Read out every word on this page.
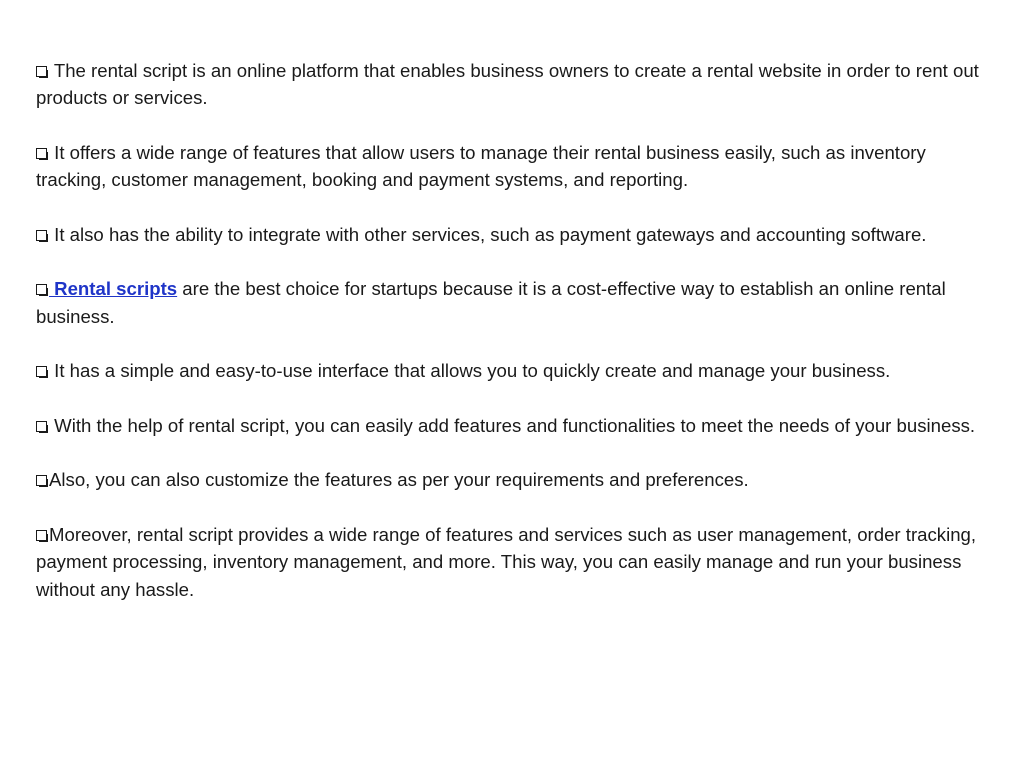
The rental script is an online platform that enables business owners to create a rental website in order to rent out products or services.

It offers a wide range of features that allow users to manage their rental business easily, such as inventory tracking, customer management, booking and payment systems, and reporting.

It also has the ability to integrate with other services, such as payment gateways and accounting software.

Rental scripts are the best choice for startups because it is a cost-effective way to establish an online rental business.

It has a simple and easy-to-use interface that allows you to quickly create and manage your business.

With the help of rental script, you can easily add features and functionalities to meet the needs of your business.

Also, you can also customize the features as per your requirements and preferences.

Moreover, rental script provides a wide range of features and services such as user management, order tracking, payment processing, inventory management, and more. This way, you can easily manage and run your business without any hassle.
